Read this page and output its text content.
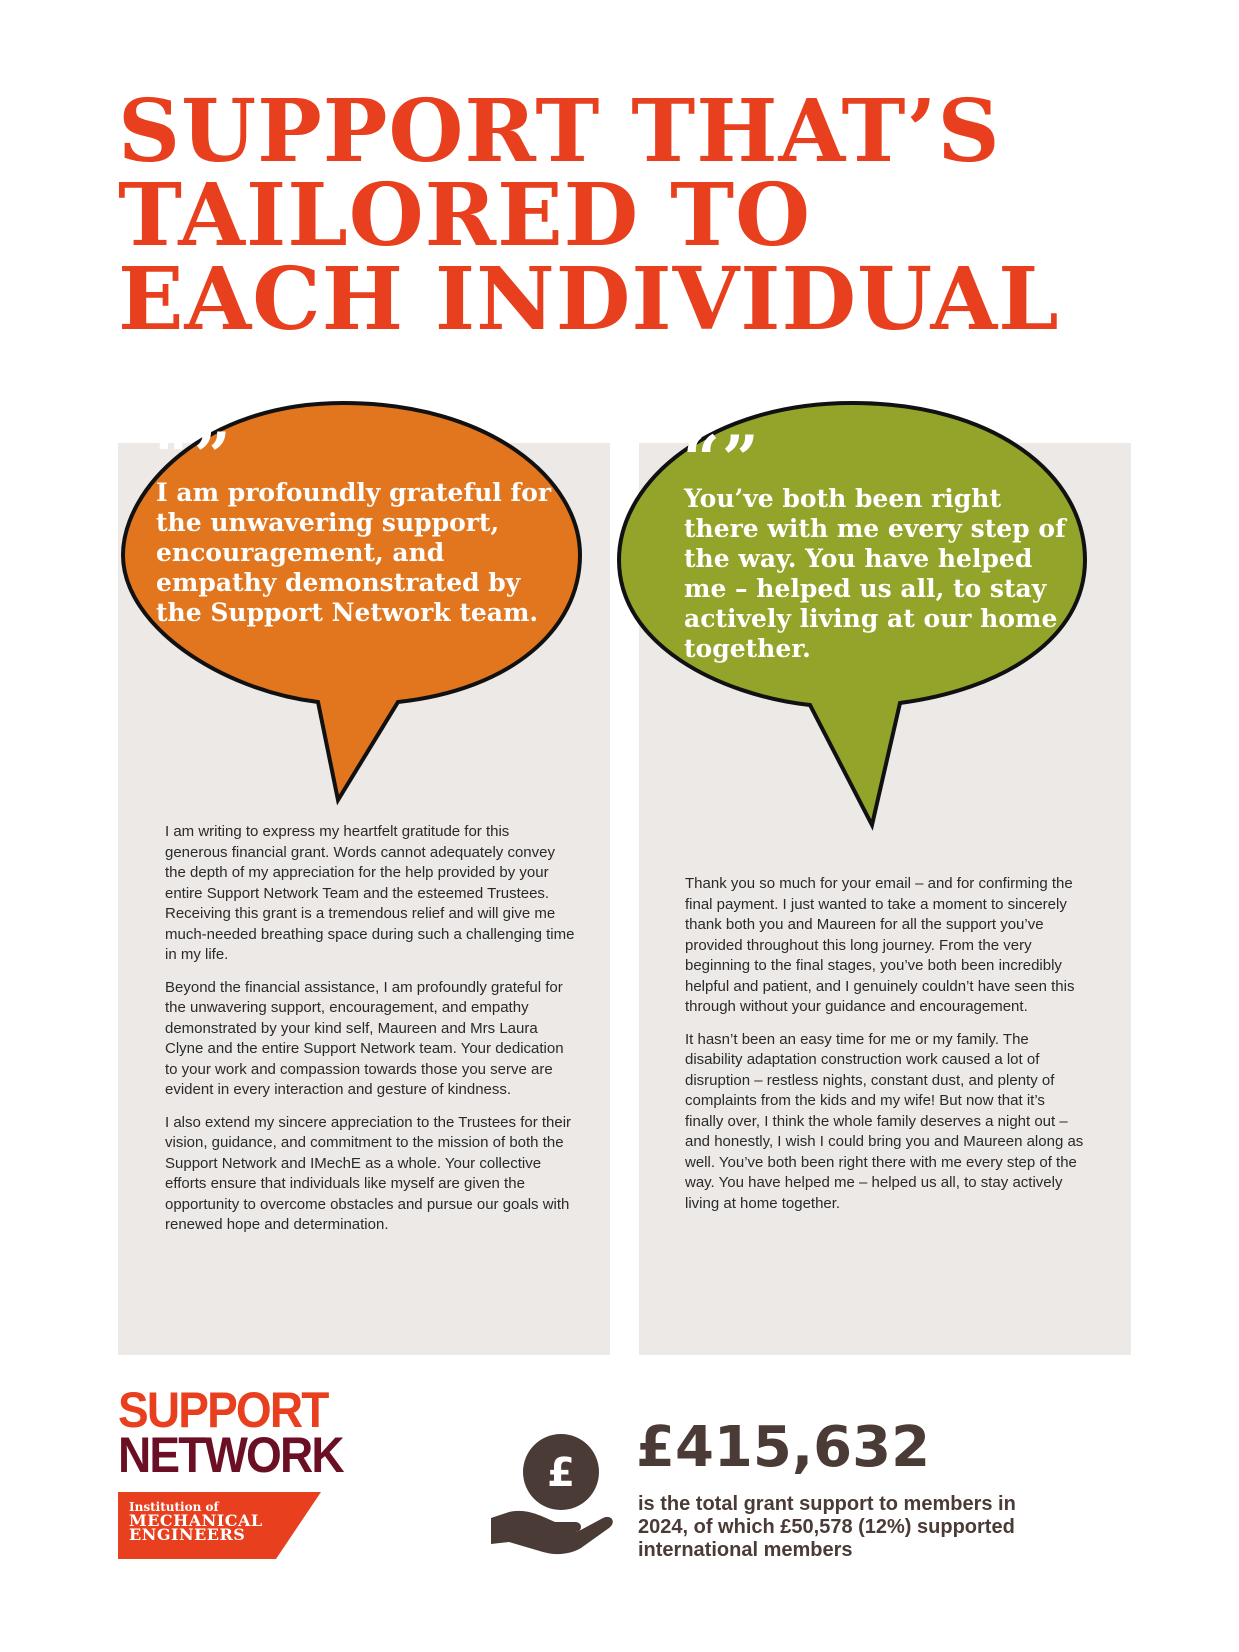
SUPPORT THAT’S
TAILORED TO
EACH INDIVIDUAL
“”

I am profoundly grateful for the unwavering support, encouragement, and empathy demonstrated by the Support Network team.

“”

You’ve both been right there with me every step of the way. You have helped me – helped us all, to stay actively living at our home together.

I am writing to express my heartfelt gratitude for this generous financial grant. Words cannot adequately convey the depth of my appreciation for the help provided by your entire Support Network Team and the esteemed Trustees. Receiving this grant is a tremendous relief and will give me much-needed breathing space during such a challenging time in my life.

Beyond the financial assistance, I am profoundly grateful for the unwavering support, encouragement, and empathy demonstrated by your kind self, Maureen and Mrs Laura Clyne and the entire Support Network team. Your dedication to your work and compassion towards those you serve are evident in every interaction and gesture of kindness.

I also extend my sincere appreciation to the Trustees for their vision, guidance, and commitment to the mission of both the Support Network and IMechE as a whole. Your collective efforts ensure that individuals like myself are given the opportunity to overcome obstacles and pursue our goals with renewed hope and determination.

Thank you so much for your email – and for confirming the final payment. I just wanted to take a moment to sincerely thank both you and Maureen for all the support you’ve provided throughout this long journey. From the very beginning to the final stages, you’ve both been incredibly helpful and patient, and I genuinely couldn’t have seen this through without your guidance and encouragement.

It hasn’t been an easy time for me or my family. The disability adaptation construction work caused a lot of disruption – restless nights, constant dust, and plenty of complaints from the kids and my wife! But now that it’s finally over, I think the whole family deserves a night out – and honestly, I wish I could bring you and Maureen along as well. You’ve both been right there with me every step of the way. You have helped me – helped us all, to stay actively living at home together.

SUPPORT
NETWORK
Institution of
MECHANICAL
ENGINEERS
£ £415,632
is the total grant support to members in 2024, of which £50,578 (12%) supported international members
